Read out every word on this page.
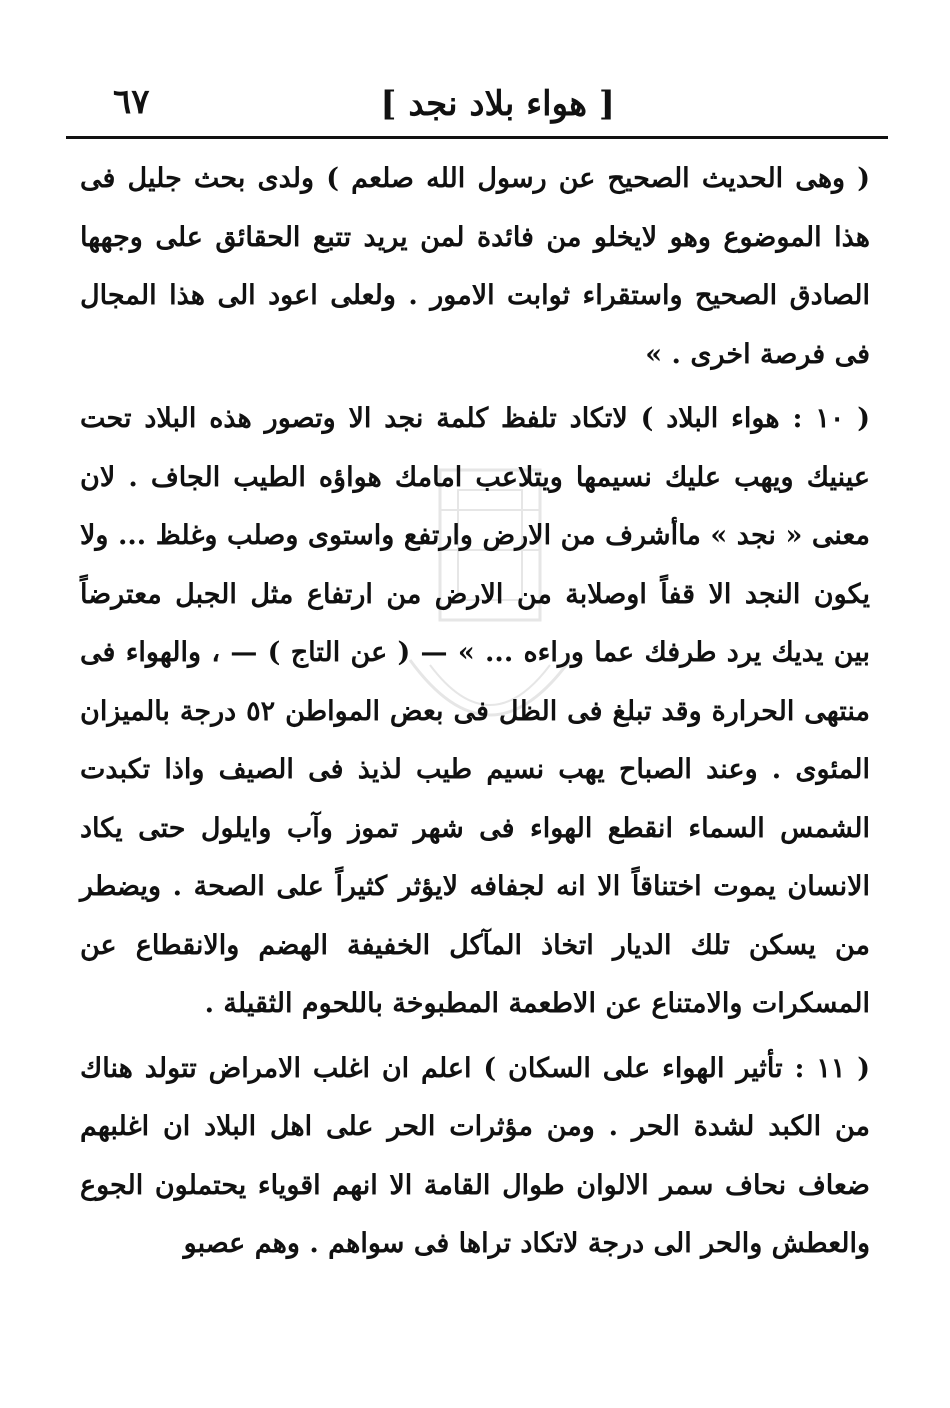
[ هواء بلاد نجد ]
٦٧

( وهى الحديث الصحيح عن رسول الله صلعم ) ولدى بحث جليل فى هذا الموضوع وهو لايخلو من فائدة لمن يريد تتبع الحقائق على وجهها الصادق الصحيح واستقراء ثوابت الامور . ولعلى اعود الى هذا المجال فى فرصة اخرى . »

( ١٠ : هواء البلاد ) لاتكاد تلفظ كلمة نجد الا وتصور هذه البلاد تحت عينيك ويهب عليك نسيمها ويتلاعب امامك هواؤه الطيب الجاف . لان معنى « نجد » ماأشرف من الارض وارتفع واستوى وصلب وغلظ ... ولا يكون النجد الا قفاً اوصلابة من الارض من ارتفاع مثل الجبل معترضاً بين يديك يرد طرفك عما وراءه ... » — ( عن التاج ) — ، والهواء فى منتهى الحرارة وقد تبلغ فى الظل فى بعض المواطن ٥٢ درجة بالميزان المئوى . وعند الصباح يهب نسيم طيب لذيذ فى الصيف واذا تكبدت الشمس السماء انقطع الهواء فى شهر تموز وآب وايلول حتى يكاد الانسان يموت اختناقاً الا انه لجفافه لايؤثر كثيراً على الصحة . ويضطر من يسكن تلك الديار اتخاذ المآكل الخفيفة الهضم والانقطاع عن المسكرات والامتناع عن الاطعمة المطبوخة باللحوم الثقيلة .

( ١١ : تأثير الهواء على السكان ) اعلم ان اغلب الامراض تتولد هناك من الكبد لشدة الحر . ومن مؤثرات الحر على اهل البلاد ان اغلبهم ضعاف نحاف سمر الالوان طوال القامة الا انهم اقوياء يحتملون الجوع والعطش والحر الى درجة لاتكاد تراها فى سواهم . وهم عصبو
